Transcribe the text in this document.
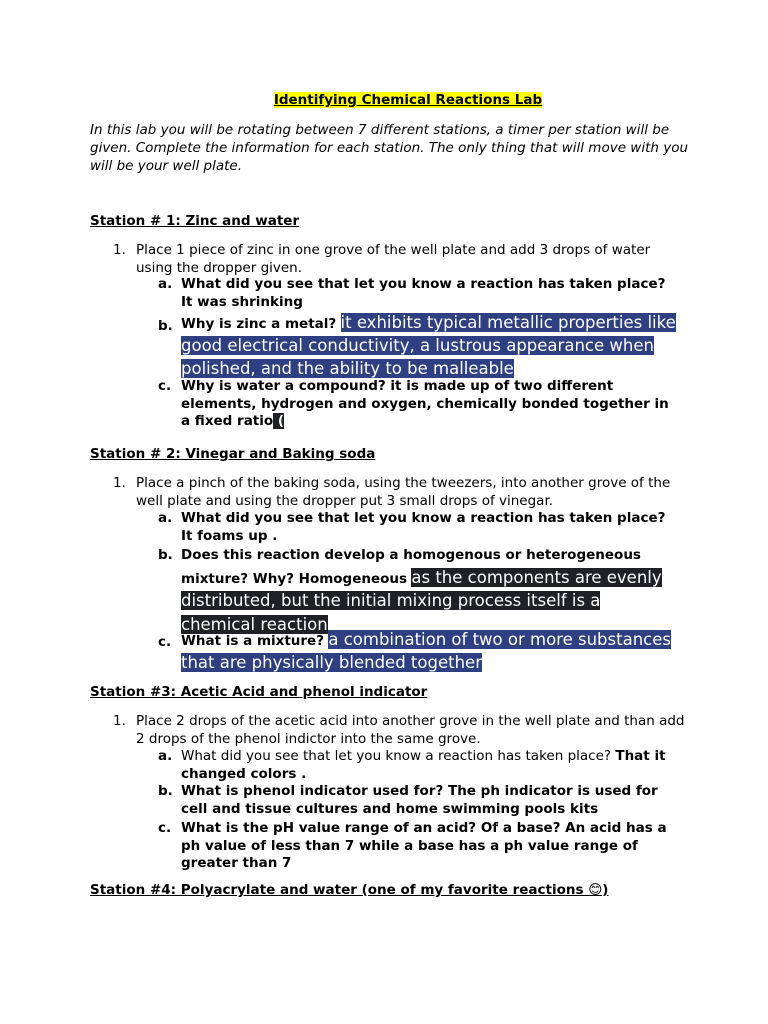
Identifying Chemical Reactions Lab
In this lab you will be rotating between 7 different stations, a timer per station will be given. Complete the information for each station. The only thing that will move with you will be your well plate.
Station # 1: Zinc and water
1. Place 1 piece of zinc in one grove of the well plate and add 3 drops of water using the dropper given.
a. What did you see that let you know a reaction has taken place? It was shrinking
b. Why is zinc a metal? it exhibits typical metallic properties like good electrical conductivity, a lustrous appearance when polished, and the ability to be malleable
c. Why is water a compound? it is made up of two different elements, hydrogen and oxygen, chemically bonded together in a fixed ratio (
Station # 2: Vinegar and Baking soda
1. Place a pinch of the baking soda, using the tweezers, into another grove of the well plate and using the dropper put 3 small drops of vinegar.
a. What did you see that let you know a reaction has taken place? It foams up .
b. Does this reaction develop a homogenous or heterogeneous mixture? Why? Homogeneous as the components are evenly distributed, but the initial mixing process itself is a chemical reaction
c. What is a mixture? a combination of two or more substances that are physically blended together
Station #3: Acetic Acid and phenol indicator
1. Place 2 drops of the acetic acid into another grove in the well plate and than add 2 drops of the phenol indictor into the same grove.
a. What did you see that let you know a reaction has taken place? That it changed colors .
b. What is phenol indicator used for? The ph indicator is used for cell and tissue cultures and home swimming pools kits
c. What is the pH value range of an acid? Of a base? An acid has a ph value of less than 7 while a base has a ph value range of greater than 7
Station #4: Polyacrylate and water (one of my favorite reactions 😊)
